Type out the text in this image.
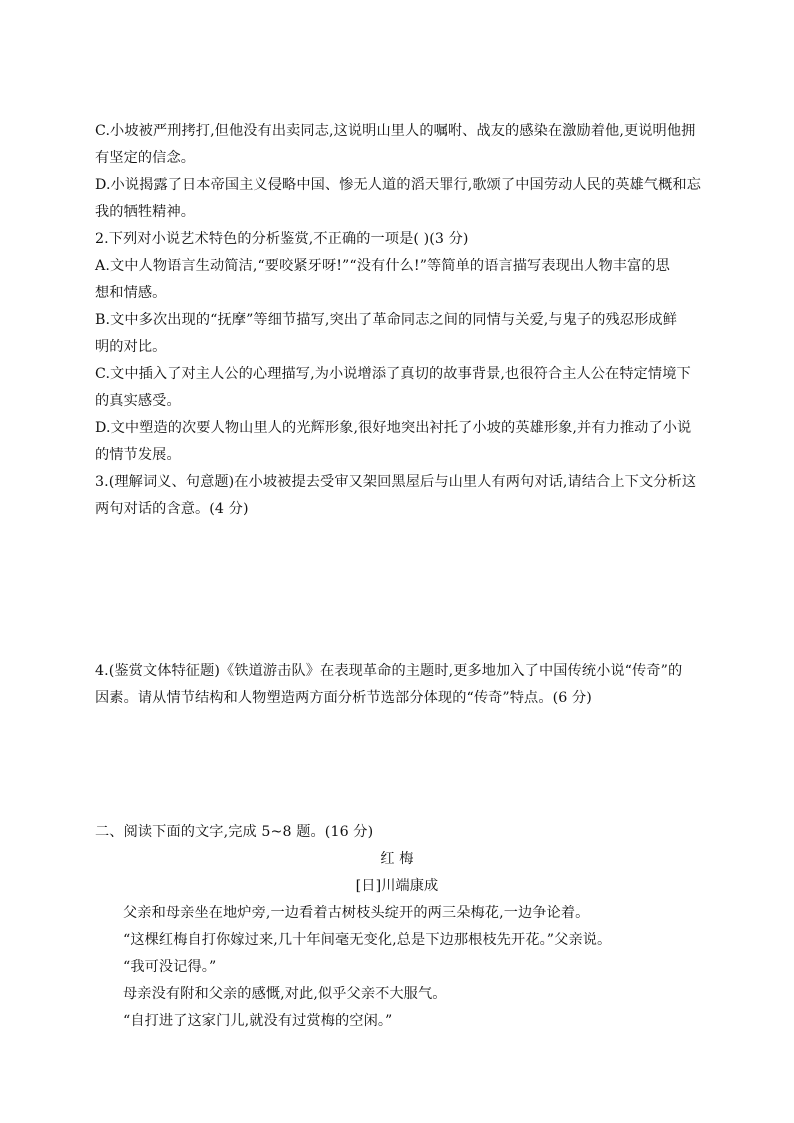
C.小坡被严刑拷打,但他没有出卖同志,这说明山里人的嘱咐、战友的感染在激励着他,更说明他拥
有坚定的信念。
D.小说揭露了日本帝国主义侵略中国、惨无人道的滔天罪行,歌颂了中国劳动人民的英雄气概和忘
我的牺牲精神。
2.下列对小说艺术特色的分析鉴赏,不正确的一项是( )(3 分)
A.文中人物语言生动简洁,“要咬紧牙呀!”“没有什么!”等简单的语言描写表现出人物丰富的思
想和情感。
B.文中多次出现的“抚摩”等细节描写,突出了革命同志之间的同情与关爱,与鬼子的残忍形成鲜
明的对比。
C.文中插入了对主人公的心理描写,为小说增添了真切的故事背景,也很符合主人公在特定情境下
的真实感受。
D.文中塑造的次要人物山里人的光辉形象,很好地突出衬托了小坡的英雄形象,并有力推动了小说
的情节发展。
3.(理解词义、句意题)在小坡被提去受审又架回黑屋后与山里人有两句对话,请结合上下文分析这
两句对话的含意。(4 分)
4.(鉴赏文体特征题)《铁道游击队》在表现革命的主题时,更多地加入了中国传统小说“传奇”的
因素。请从情节结构和人物塑造两方面分析节选部分体现的“传奇”特点。(6 分)
二、阅读下面的文字,完成 5~8 题。(16 分)
红 梅
[日]川端康成
父亲和母亲坐在地炉旁,一边看着古树枝头绽开的两三朵梅花,一边争论着。
“这棵红梅自打你嫁过来,几十年间毫无变化,总是下边那根枝先开花。”父亲说。
“我可没记得。”
母亲没有附和父亲的感慨,对此,似乎父亲不大服气。
“自打进了这家门儿,就没有过赏梅的空闲。”
